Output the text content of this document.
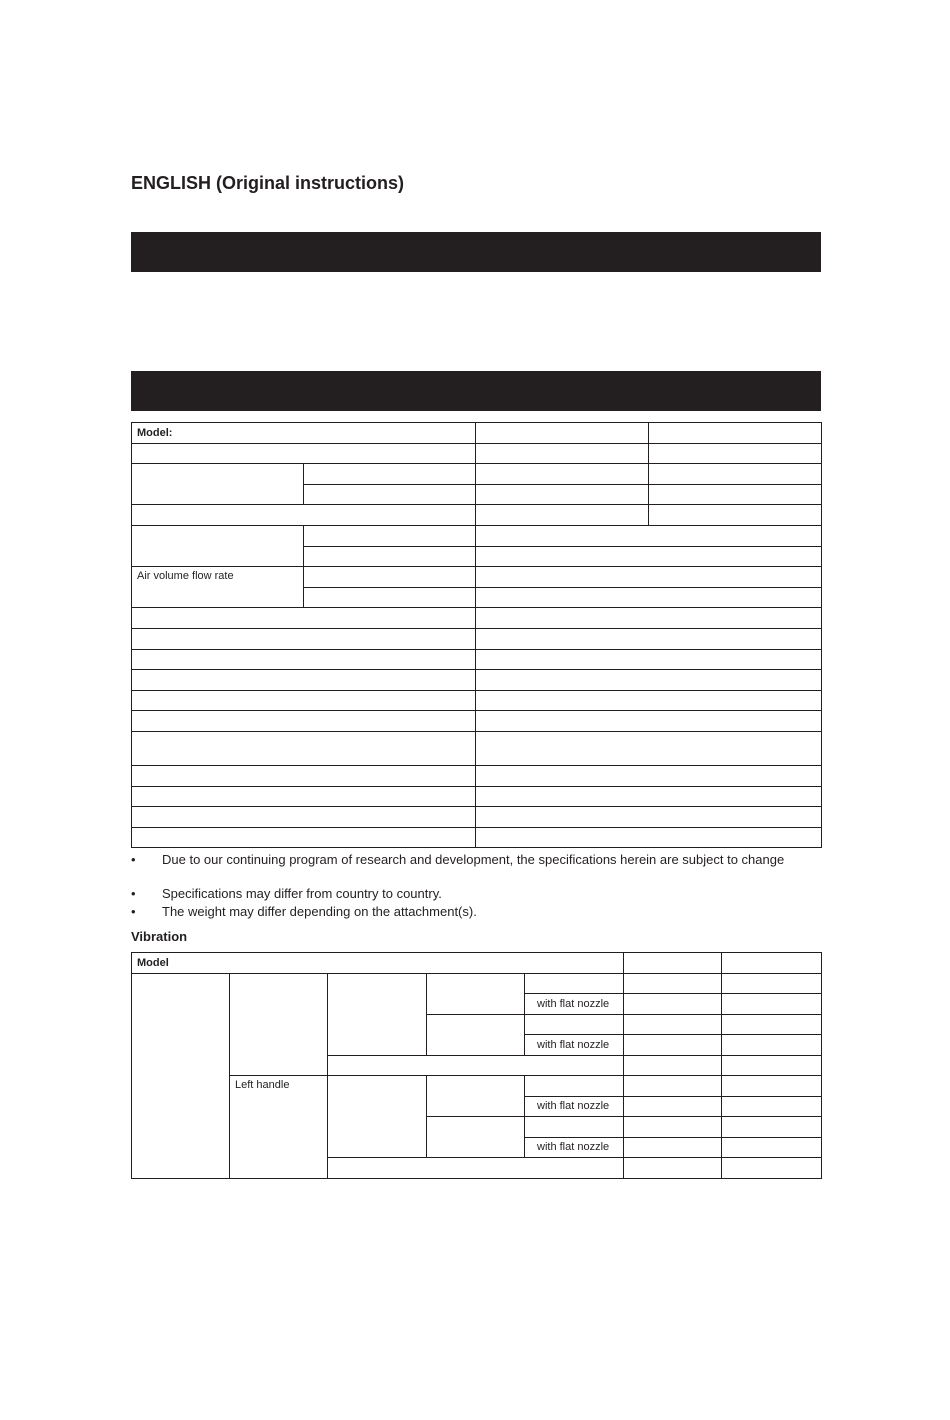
ENGLISH (Original instructions)
Model:			

Air volume flow rate			

• Due to our continuing program of research and development, the specifications herein are subject to change
• Specifications may differ from country to country.
• The weight may differ depending on the attachment(s).
Vibration
Model						

				with flat nozzle		

				with flat nozzle		

	Left handle					
				with flat nozzle		

				with flat nozzle		
